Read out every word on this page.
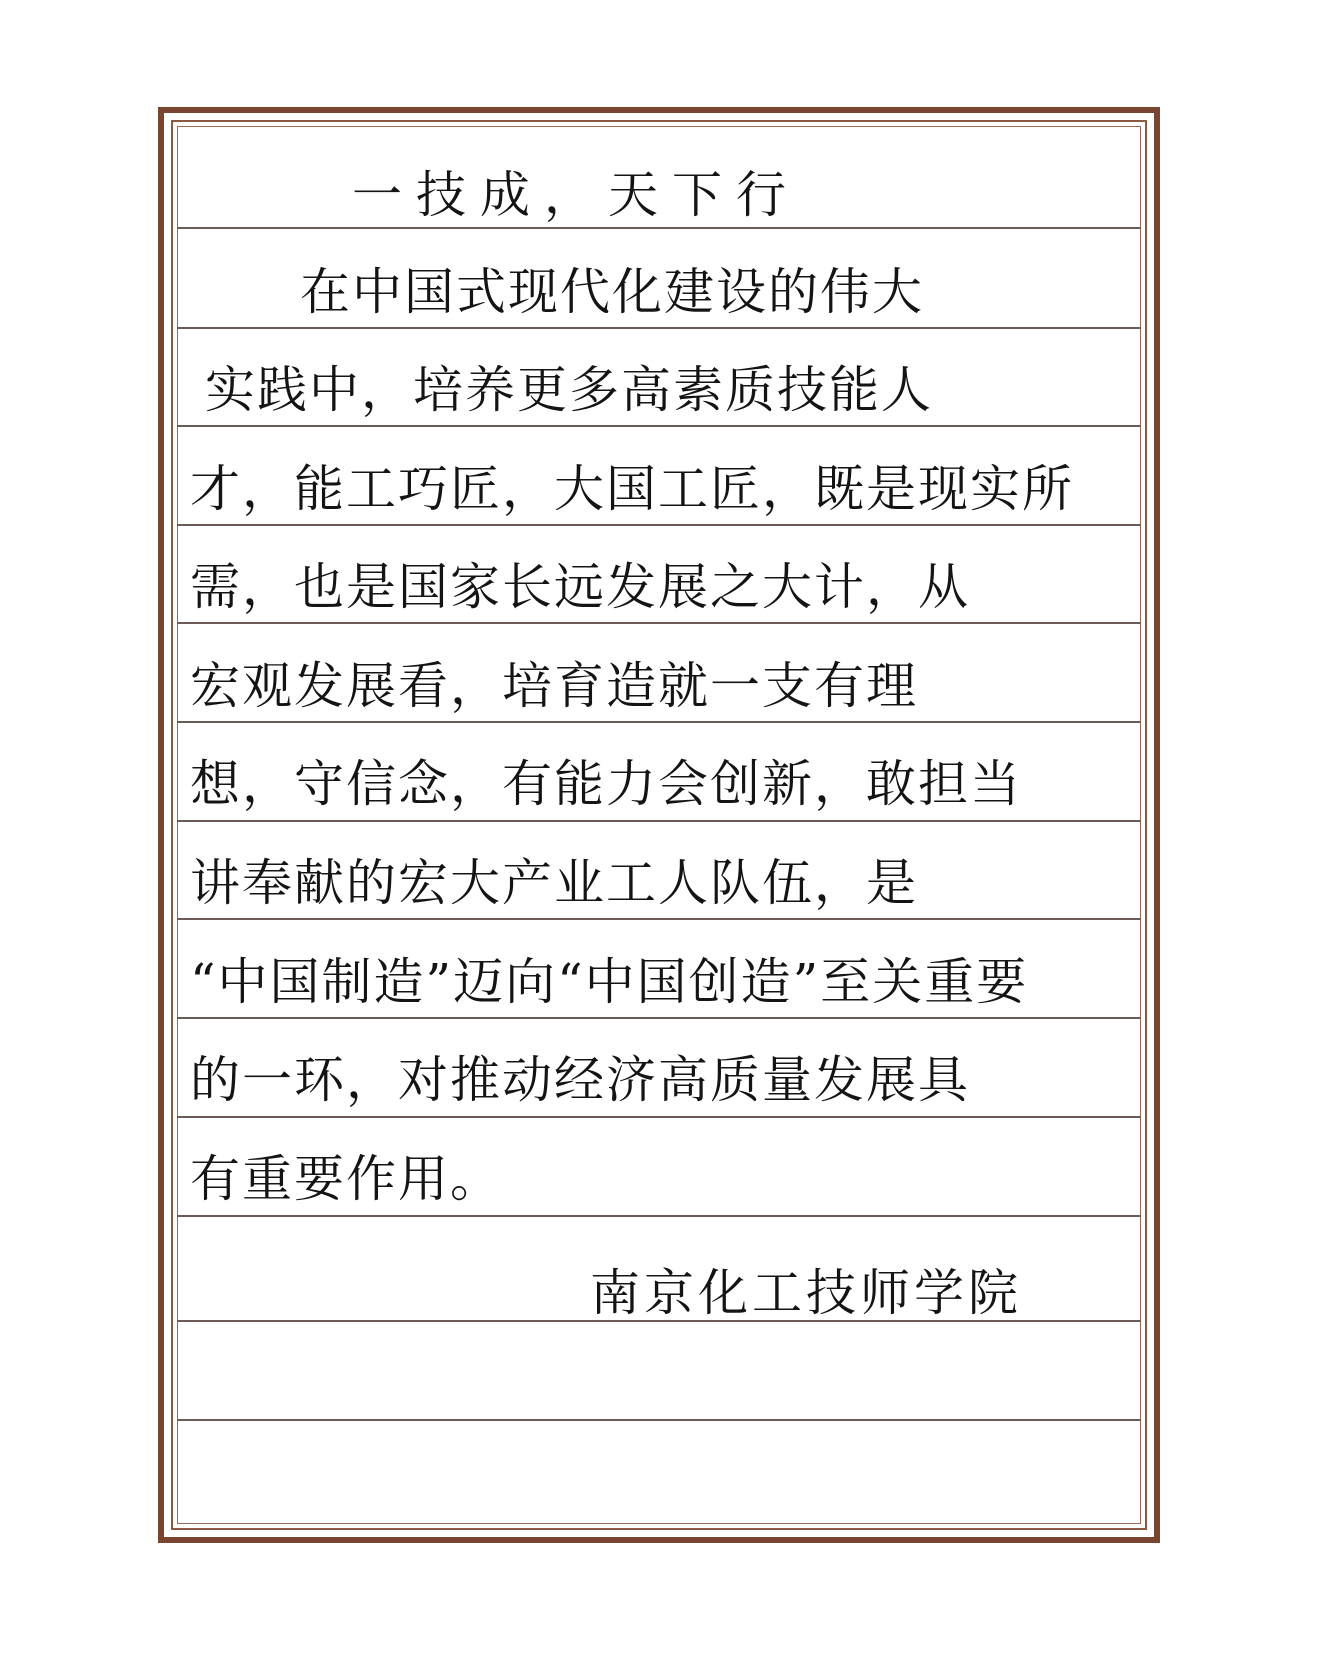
一技成，天下行
在中国式现代化建设的伟大
实践中，培养更多高素质技能人
才，能工巧匠，大国工匠，既是现实所
需，也是国家长远发展之大计，从
宏观发展看，培育造就一支有理
想，守信念，有能力会创新，敢担当
讲奉献的宏大产业工人队伍，是
“中国制造”迈向“中国创造”至关重要
的一环，对推动经济高质量发展具
有重要作用。
南京化工技师学院
